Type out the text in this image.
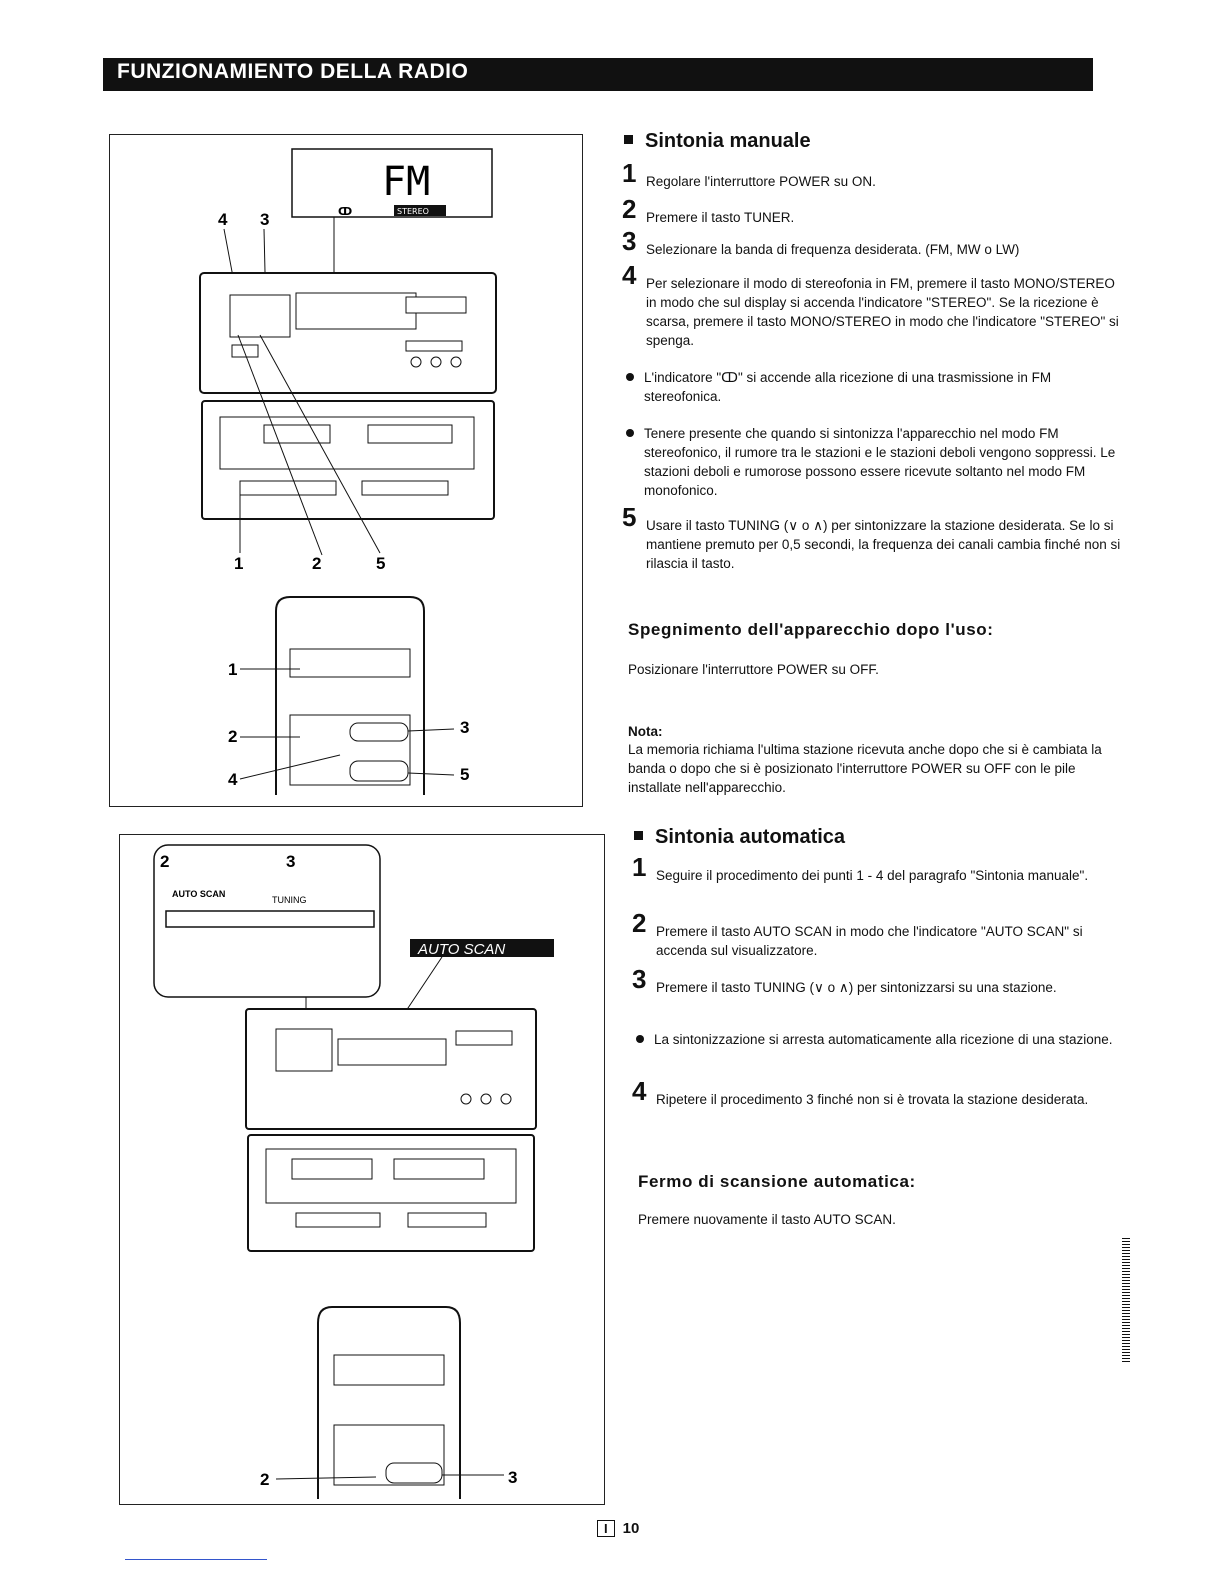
FUNZIONAMIENTO DELLA RADIO
FM
ↀ	STEREO
4 3
1	2	5
1
2
4
3
5
2	3
AUTO SCAN
TUNING
AUTO SCAN
2	3
Sintonia manuale
1 Regolare l'interruttore POWER su ON.
2 Premere il tasto TUNER.
3 Selezionare la banda di frequenza desiderata. (FM, MW o LW)
4 Per selezionare il modo di stereofonia in FM, premere il tasto MONO/STEREO in modo che sul display si accenda l'indicatore "STEREO". Se la ricezione è scarsa, premere il tasto MONO/STEREO in modo che l'indicatore "STEREO" si spenga.
L'indicatore "ↀ" si accende alla ricezione di una trasmissione in FM stereofonica.
Tenere presente che quando si sintonizza l'apparecchio nel modo FM stereofonico, il rumore tra le stazioni e le stazioni deboli vengono soppressi. Le stazioni deboli e rumorose possono essere ricevute soltanto nel modo FM monofonico.
5 Usare il tasto TUNING (∨ o ∧) per sintonizzare la stazione desiderata. Se lo si mantiene premuto per 0,5 secondi, la frequenza dei canali cambia finché non si rilascia il tasto.
Spegnimento dell'apparecchio dopo l'uso:
Posizionare l'interruttore POWER su OFF.
Nota:
La memoria richiama l'ultima stazione ricevuta anche dopo che si è cambiata la banda o dopo che si è posizionato l'interruttore POWER su OFF con le pile installate nell'apparecchio.
Sintonia automatica
1 Seguire il procedimento dei punti 1 - 4 del paragrafo "Sintonia manuale".
2 Premere il tasto AUTO SCAN in modo che l'indicatore "AUTO SCAN" si accenda sul visualizzatore.
3 Premere il tasto TUNING (∨ o ∧) per sintonizzarsi su una stazione.
La sintonizzazione si arresta automaticamente alla ricezione di una stazione.
4 Ripetere il procedimento 3 finché non si è trovata la stazione desiderata.
Fermo di scansione automatica:
Premere nuovamente il tasto AUTO SCAN.
I 10
